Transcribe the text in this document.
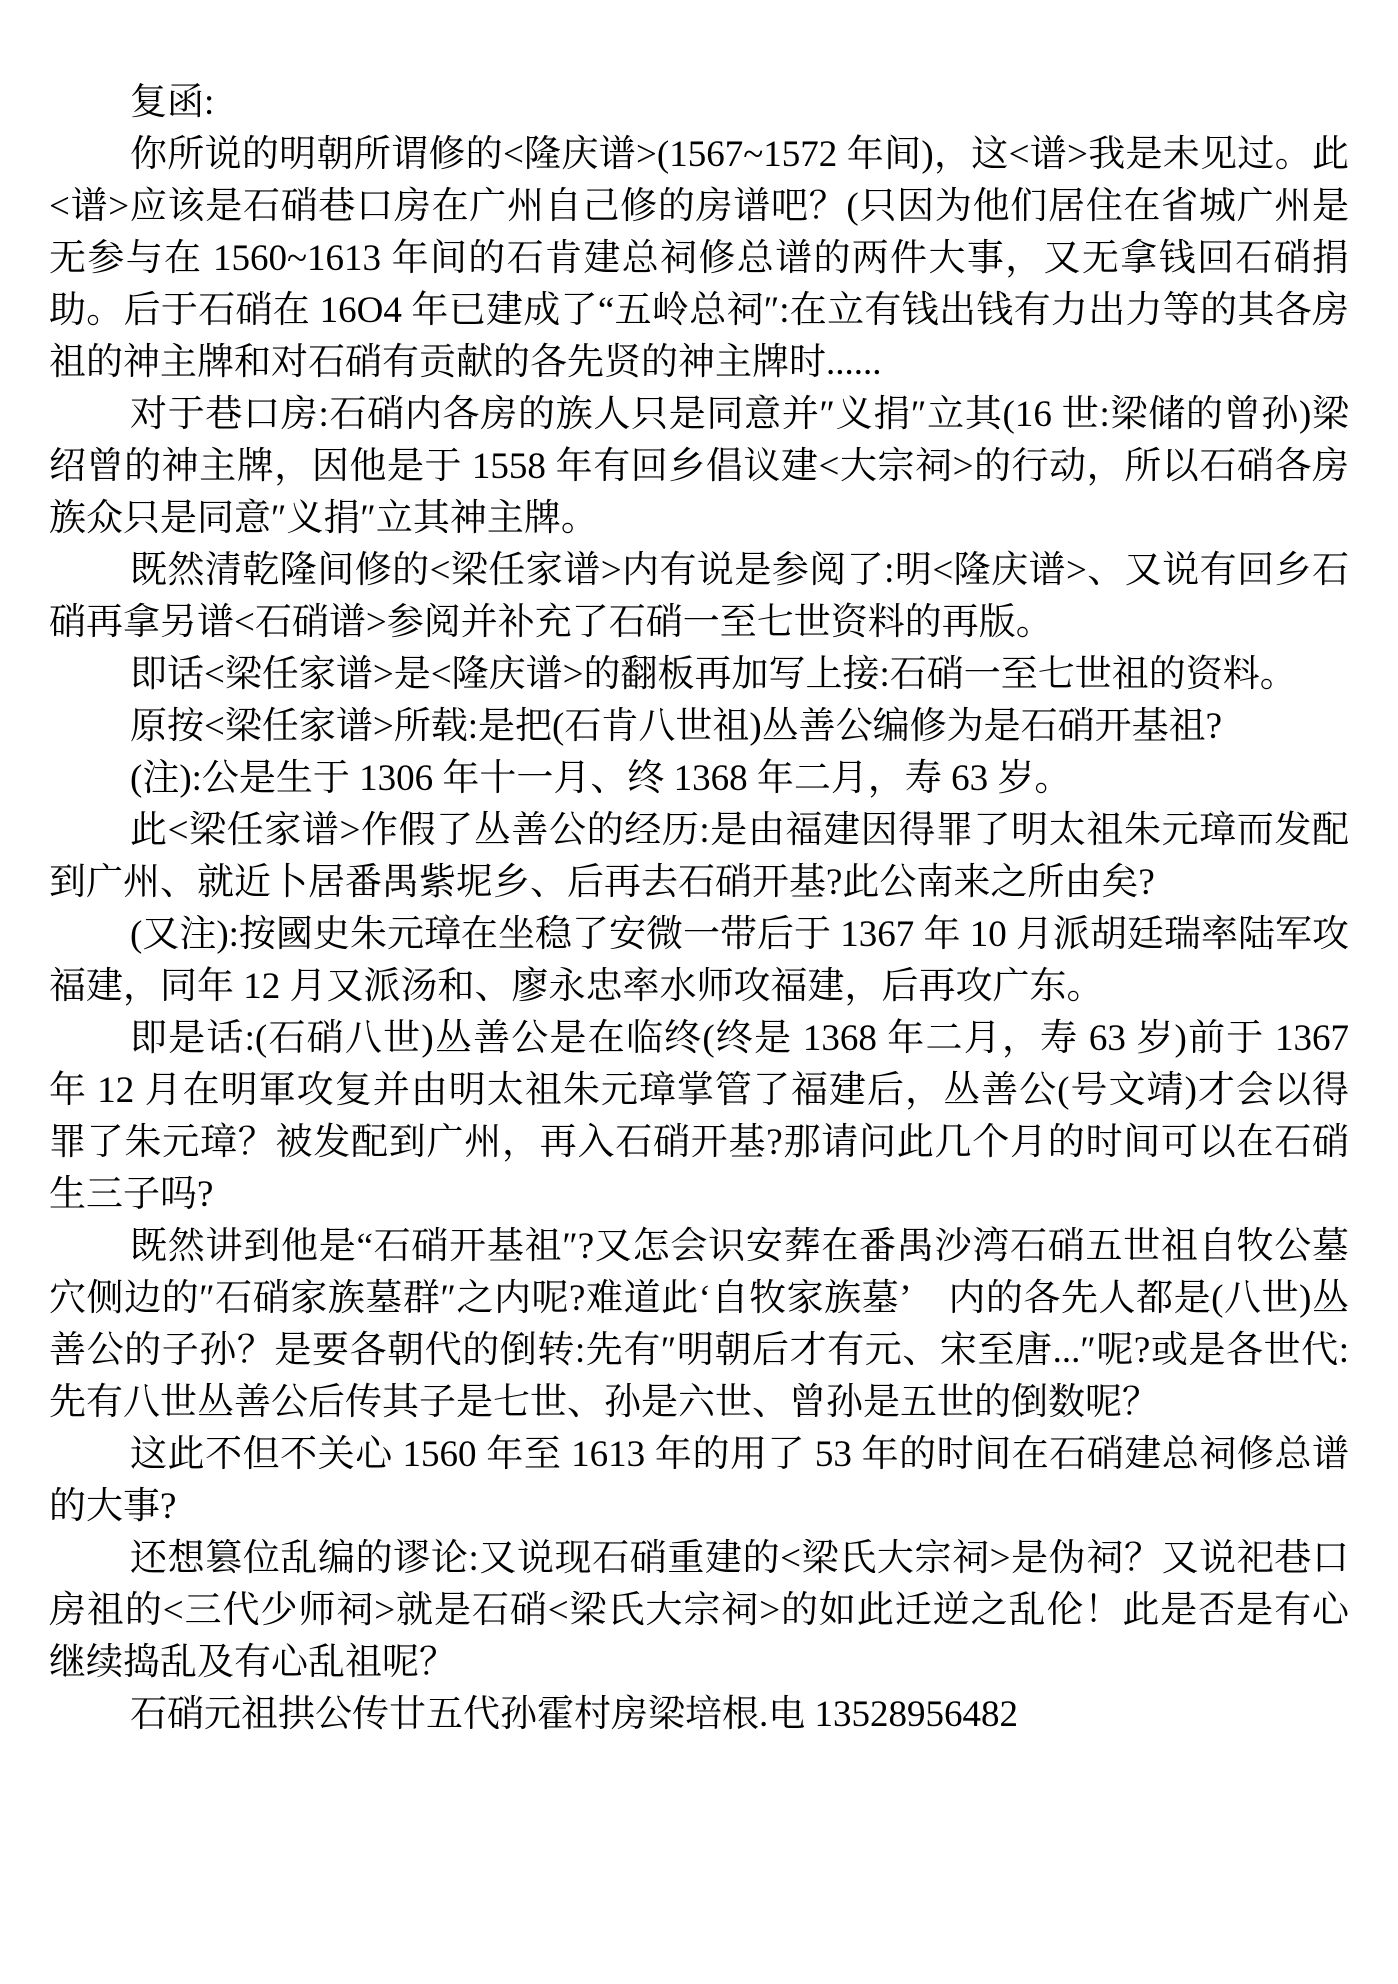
复函:

你所说的明朝所谓修的<隆庆谱>(1567~1572 年间)，这<谱>我是未见过。此<谱>应该是石硝巷口房在广州自己修的房谱吧？(只因为他们居住在省城广州是无参与在 1560~1613 年间的石肯建总祠修总谱的两件大事，又无拿钱回石硝捐助。后于石硝在 16O4 年已建成了“五岭总祠″:在立有钱出钱有力出力等的其各房祖的神主牌和对石硝有贡献的各先贤的神主牌时......

对于巷口房:石硝内各房的族人只是同意并″义捐″立其(16 世:梁储的曾孙)梁绍曾的神主牌，因他是于 1558 年有回乡倡议建<大宗祠>的行动，所以石硝各房族众只是同意″义捐″立其神主牌。

既然清乾隆间修的<梁任家谱>内有说是参阅了:明<隆庆谱>、又说有回乡石硝再拿另谱<石硝谱>参阅并补充了石硝一至七世资料的再版。

即话<梁任家谱>是<隆庆谱>的翻板再加写上接:石硝一至七世祖的资料。

原按<梁任家谱>所载:是把(石肯八世祖)丛善公编修为是石硝开基祖?

(注):公是生于 1306 年十一月、终 1368 年二月，寿 63 岁。

此<梁任家谱>作假了丛善公的经历:是由福建因得罪了明太祖朱元璋而发配到广州、就近卜居番禺紫坭乡、后再去石硝开基?此公南来之所由矣?

(又注):按國史朱元璋在坐稳了安微一带后于 1367 年 10 月派胡廷瑞率陆军攻福建，同年 12 月又派汤和、廖永忠率水师攻福建，后再攻广东。

即是话:(石硝八世)丛善公是在临终(终是 1368 年二月，寿 63 岁)前于 1367 年 12 月在明軍攻复并由明太祖朱元璋掌管了福建后，丛善公(号文靖)才会以得罪了朱元璋？被发配到广州，再入石硝开基?那请问此几个月的时间可以在石硝生三子吗?

既然讲到他是“石硝开基祖″?又怎会识安葬在番禺沙湾石硝五世祖自牧公墓穴侧边的″石硝家族墓群″之内呢?难道此‘自牧家族墓’　内的各先人都是(八世)丛善公的子孙？是要各朝代的倒转:先有″明朝后才有元、宋至唐...″呢?或是各世代:先有八世丛善公后传其子是七世、孙是六世、曾孙是五世的倒数呢？

这此不但不关心 1560 年至 1613 年的用了 53 年的时间在石硝建总祠修总谱的大事?

还想篡位乱编的谬论:又说现石硝重建的<梁氏大宗祠>是伪祠？又说祀巷口房祖的<三代少师祠>就是石硝<梁氏大宗祠>的如此迁逆之乱伦！此是否是有心继续捣乱及有心乱祖呢？

石硝元祖拱公传廿五代孙霍村房梁培根.电 13528956482
